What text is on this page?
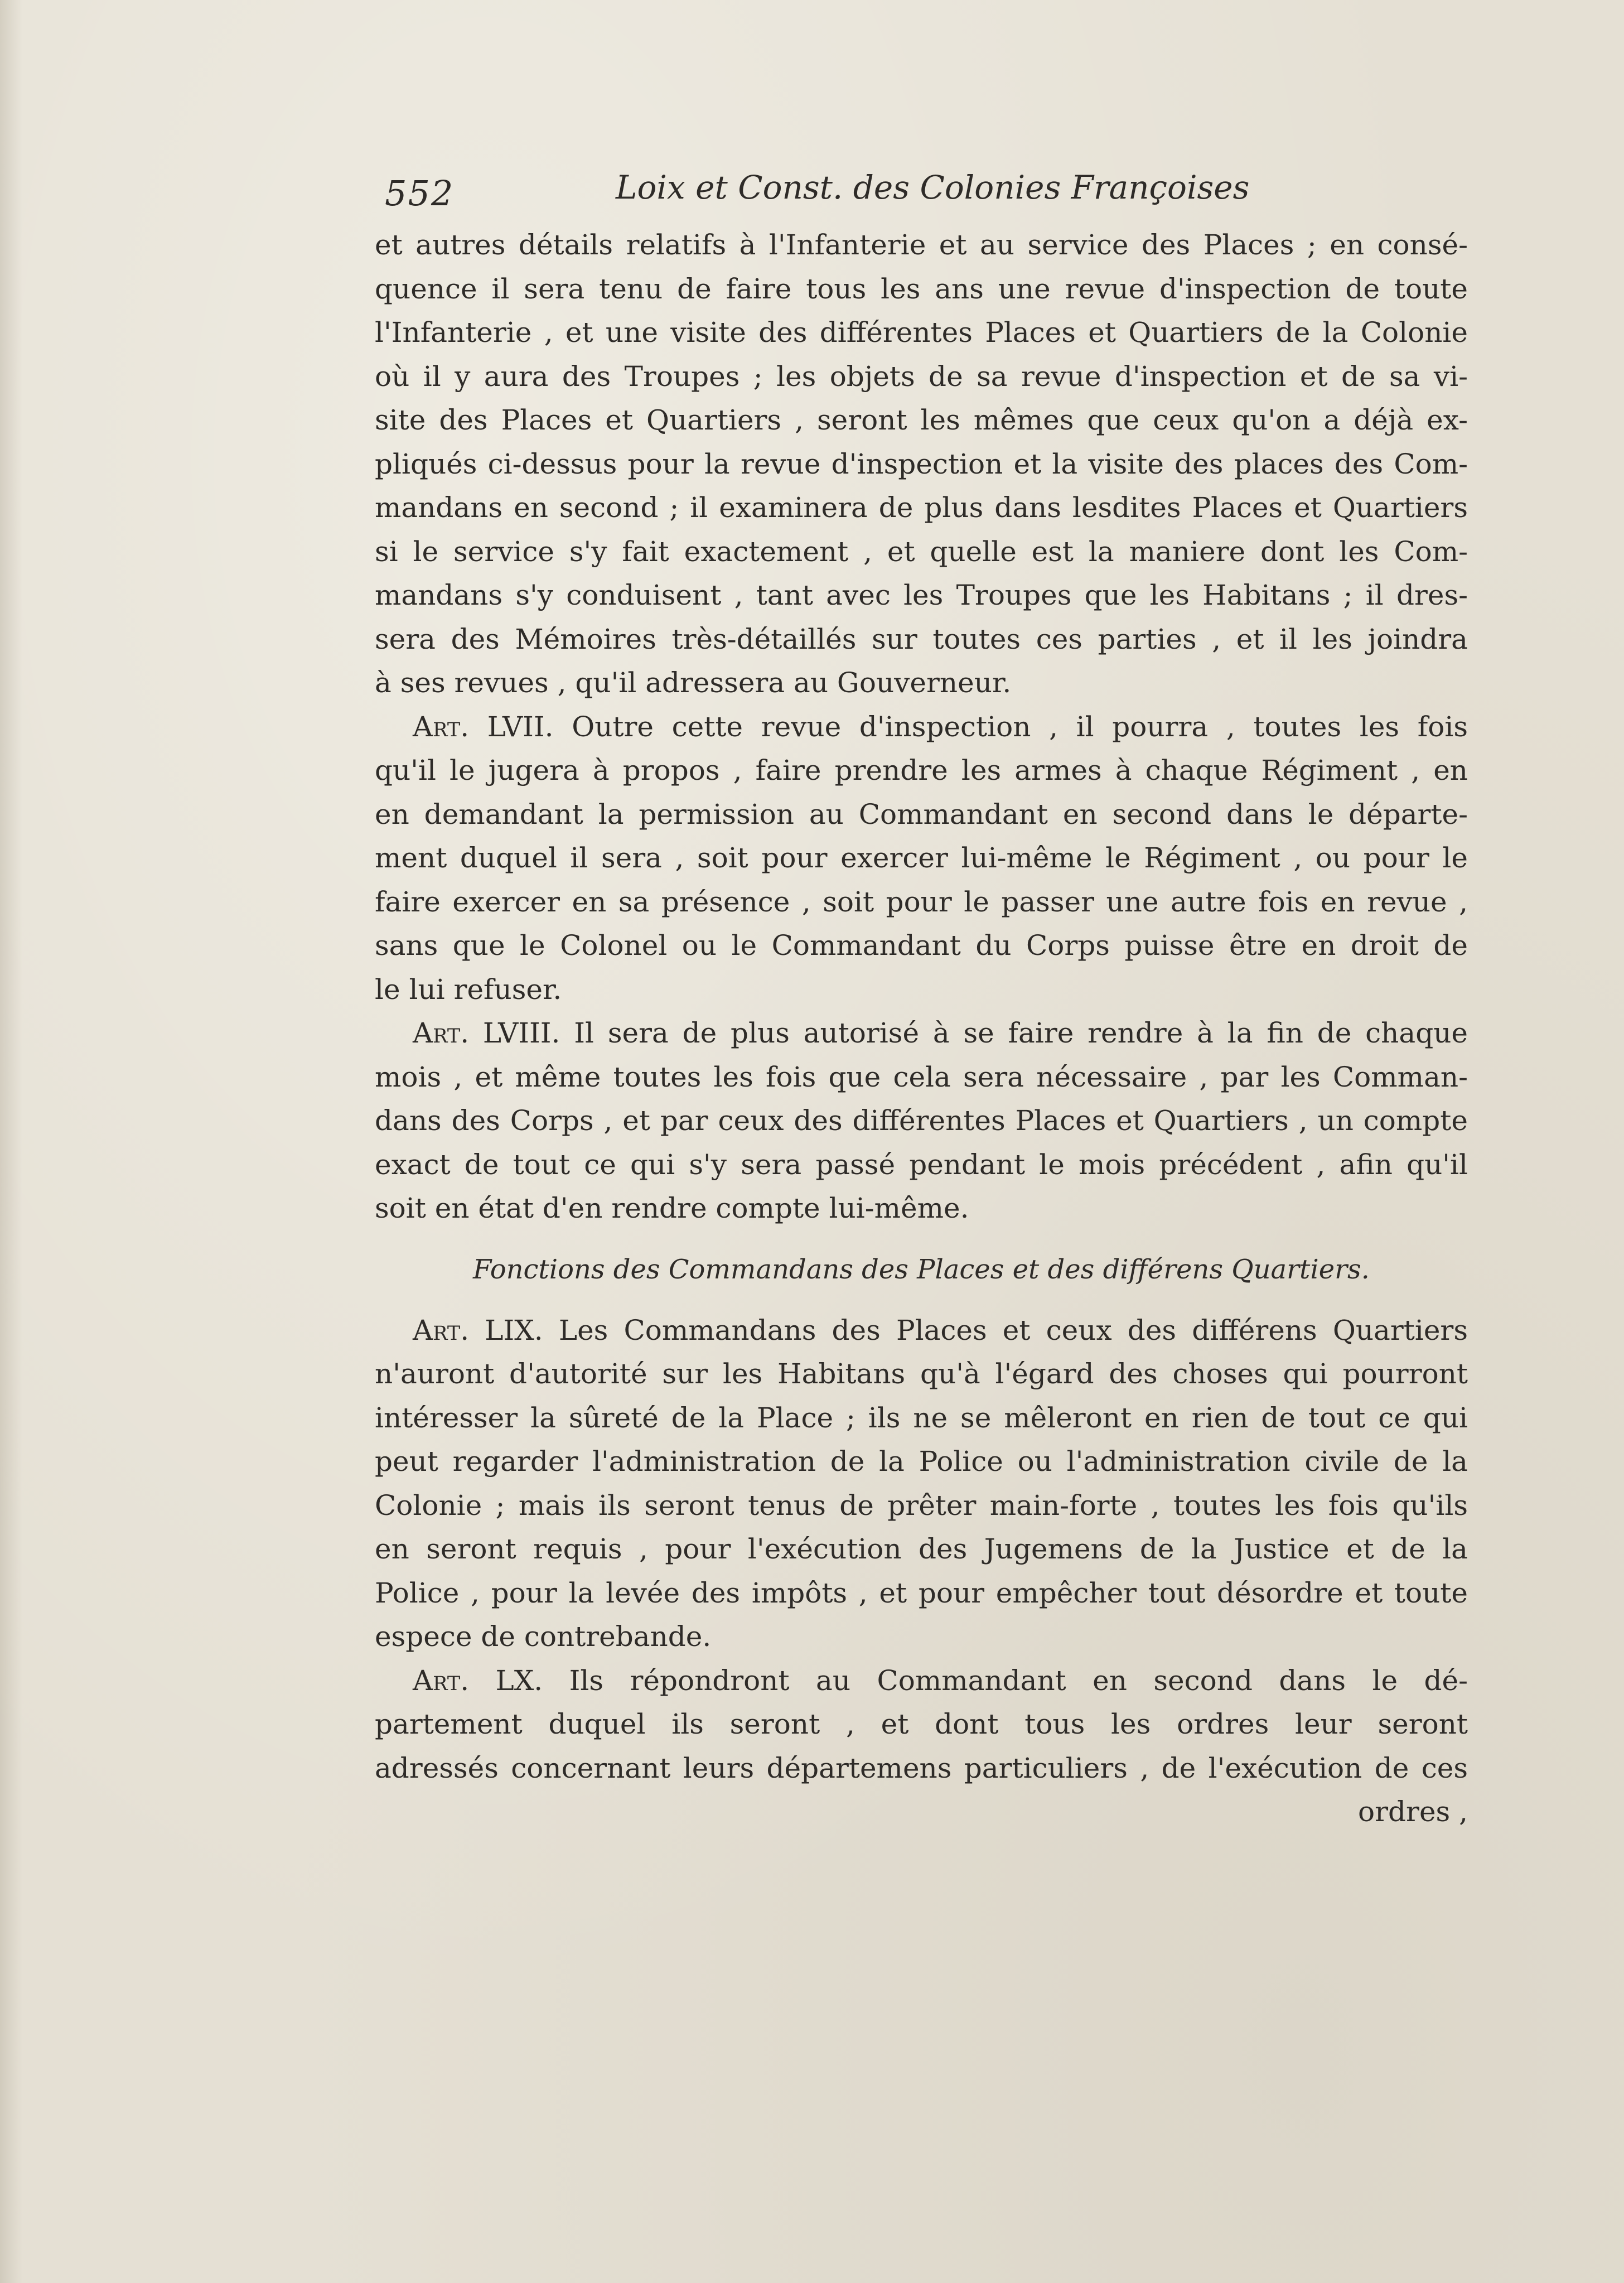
552	Loix et Const. des Colonies Françoises
et autres détails relatifs à l'Infanterie et au service des Places ; en consé-
quence il sera tenu de faire tous les ans une revue d'inspection de toute
l'Infanterie , et une visite des différentes Places et Quartiers de la Colonie
où il y aura des Troupes ; les objets de sa revue d'inspection et de sa vi-
site des Places et Quartiers , seront les mêmes que ceux qu'on a déjà ex-
pliqués ci-dessus pour la revue d'inspection et la visite des places des Com-
mandans en second ; il examinera de plus dans lesdites Places et Quartiers
si le service s'y fait exactement , et quelle est la maniere dont les Com-
mandans s'y conduisent , tant avec les Troupes que les Habitans ; il dres-
sera des Mémoires très-détaillés sur toutes ces parties , et il les joindra
à ses revues , qu'il adressera au Gouverneur.
Art. LVII. Outre cette revue d'inspection , il pourra , toutes les fois
qu'il le jugera à propos , faire prendre les armes à chaque Régiment , en
en demandant la permission au Commandant en second dans le départe-
ment duquel il sera , soit pour exercer lui-même le Régiment , ou pour le
faire exercer en sa présence , soit pour le passer une autre fois en revue ,
sans que le Colonel ou le Commandant du Corps puisse être en droit de
le lui refuser.
Art. LVIII. Il sera de plus autorisé à se faire rendre à la fin de chaque
mois , et même toutes les fois que cela sera nécessaire , par les Comman-
dans des Corps , et par ceux des différentes Places et Quartiers , un compte
exact de tout ce qui s'y sera passé pendant le mois précédent , afin qu'il
soit en état d'en rendre compte lui-même.
Fonctions des Commandans des Places et des différens Quartiers.
Art. LIX. Les Commandans des Places et ceux des différens Quartiers
n'auront d'autorité sur les Habitans qu'à l'égard des choses qui pourront
intéresser la sûreté de la Place ; ils ne se mêleront en rien de tout ce qui
peut regarder l'administration de la Police ou l'administration civile de la
Colonie ; mais ils seront tenus de prêter main-forte , toutes les fois qu'ils
en seront requis , pour l'exécution des Jugemens de la Justice et de la
Police , pour la levée des impôts , et pour empêcher tout désordre et toute
espece de contrebande.
Art. LX. Ils répondront au Commandant en second dans le dé-
partement duquel ils seront , et dont tous les ordres leur seront
adressés concernant leurs départemens particuliers , de l'exécution de ces
ordres ,
